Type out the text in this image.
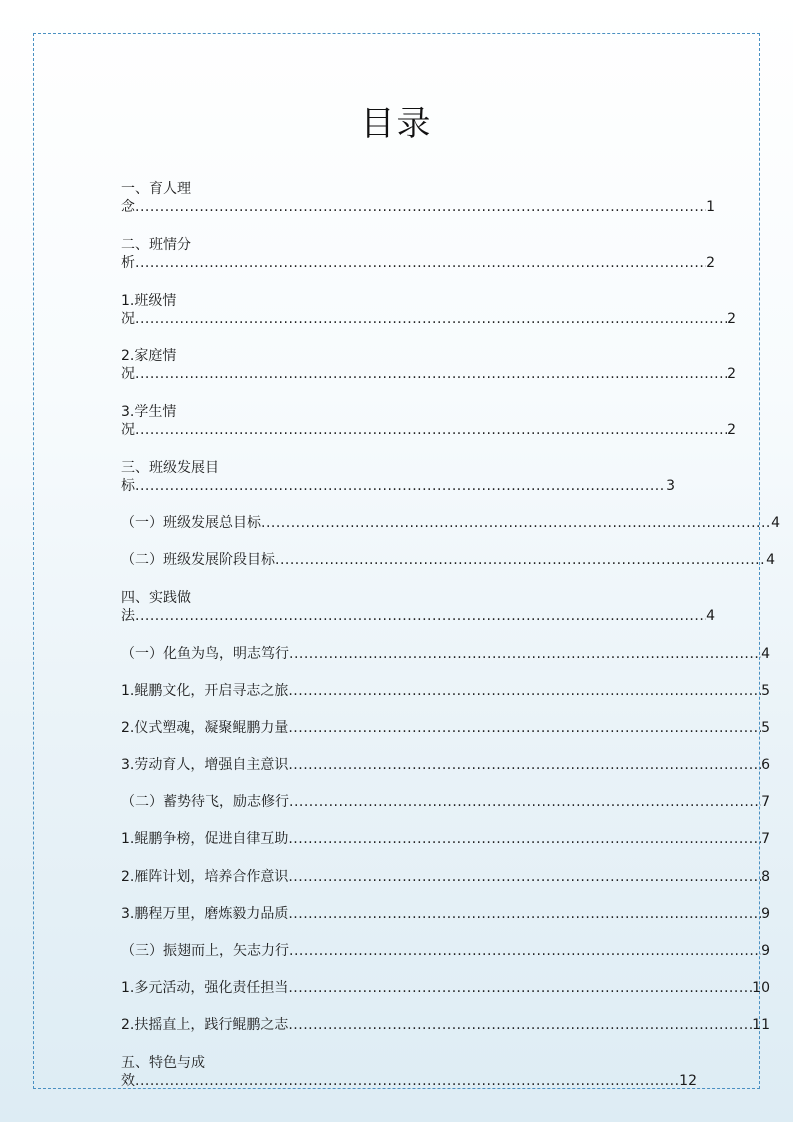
目录
一、育人理
念 .....	1
二、班情分
析 .....	2
1.班级情
况 .....	2
2.家庭情
况 .....	2
3.学生情
况 .....	2
三、班级发展目
标 .....	3
（一）班级发展总目标 .....	4
（二）班级发展阶段目标 .....	4
四、实践做
法 .....	4
（一）化鱼为鸟，明志笃行 .....	4
1.鲲鹏文化，开启寻志之旅 .....	5
2.仪式塑魂，凝聚鲲鹏力量 .....	5
3.劳动育人，增强自主意识 .....	6
（二）蓄势待飞，励志修行 .....	7
1.鲲鹏争榜，促进自律互助 .....	7
2.雁阵计划，培养合作意识 .....	8
3.鹏程万里，磨炼毅力品质 .....	9
（三）振翅而上，矢志力行 .....	9
1.多元活动，强化责任担当 .....	10
2.扶摇直上，践行鲲鹏之志 .....	11
五、特色与成
效 .....	12
